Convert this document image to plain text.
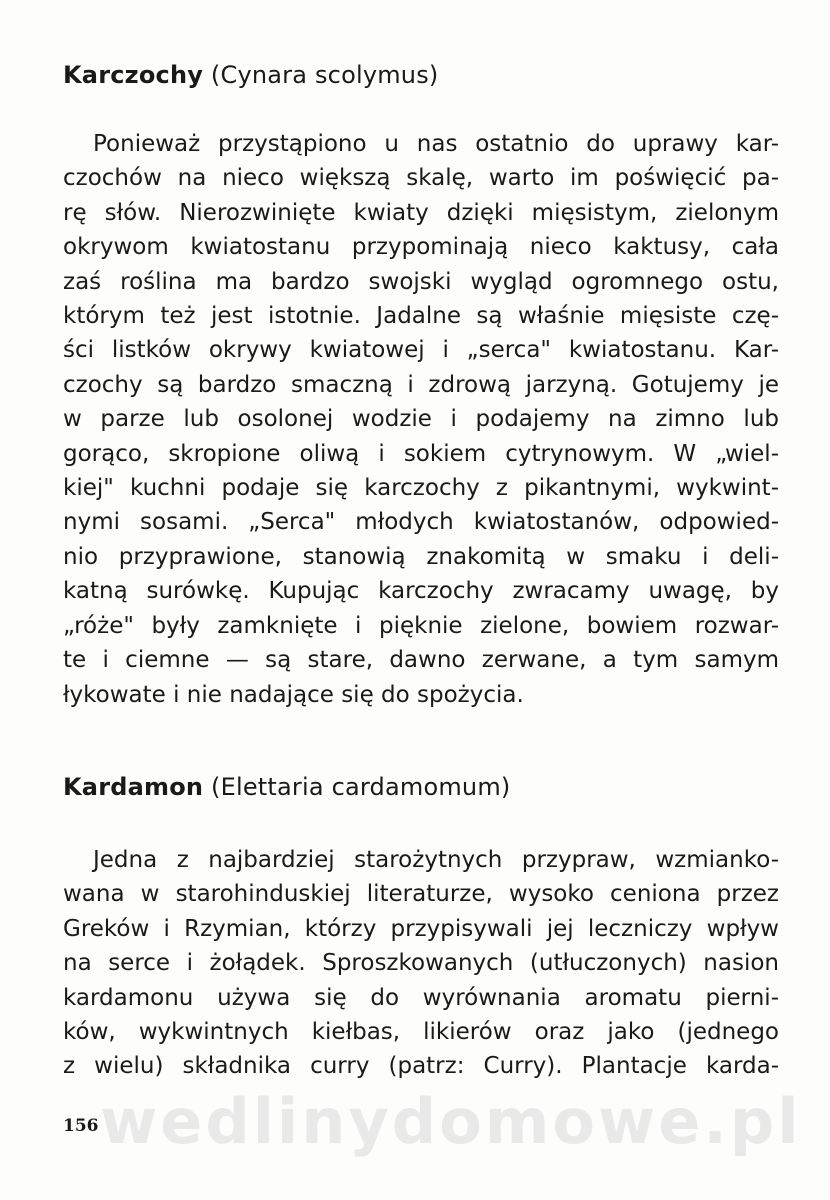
wedlinydomowe.pl
Karczochy (Cynara scolymus)
Ponieważ przystąpiono u nas ostatnio do uprawy kar-
czochów na nieco większą skalę, warto im poświęcić pa-
rę słów. Nierozwinięte kwiaty dzięki mięsistym, zielonym
okrywom kwiatostanu przypominają nieco kaktusy, cała
zaś roślina ma bardzo swojski wygląd ogromnego ostu,
którym też jest istotnie. Jadalne są właśnie mięsiste czę-
ści listków okrywy kwiatowej i „serca" kwiatostanu. Kar-
czochy są bardzo smaczną i zdrową jarzyną. Gotujemy je
w parze lub osolonej wodzie i podajemy na zimno lub
gorąco, skropione oliwą i sokiem cytrynowym. W „wiel-
kiej" kuchni podaje się karczochy z pikantnymi, wykwint-
nymi sosami. „Serca" młodych kwiatostanów, odpowied-
nio przyprawione, stanowią znakomitą w smaku i deli-
katną surówkę. Kupując karczochy zwracamy uwagę, by
„róże" były zamknięte i pięknie zielone, bowiem rozwar-
te i ciemne — są stare, dawno zerwane, a tym samym
łykowate i nie nadające się do spożycia.
Kardamon (Elettaria cardamomum)
Jedna z najbardziej starożytnych przypraw, wzmianko-
wana w starohinduskiej literaturze, wysoko ceniona przez
Greków i Rzymian, którzy przypisywali jej leczniczy wpływ
na serce i żołądek. Sproszkowanych (utłuczonych) nasion
kardamonu używa się do wyrównania aromatu pierni-
ków, wykwintnych kiełbas, likierów oraz jako (jednego
z wielu) składnika curry (patrz: Curry). Plantacje karda-
156
